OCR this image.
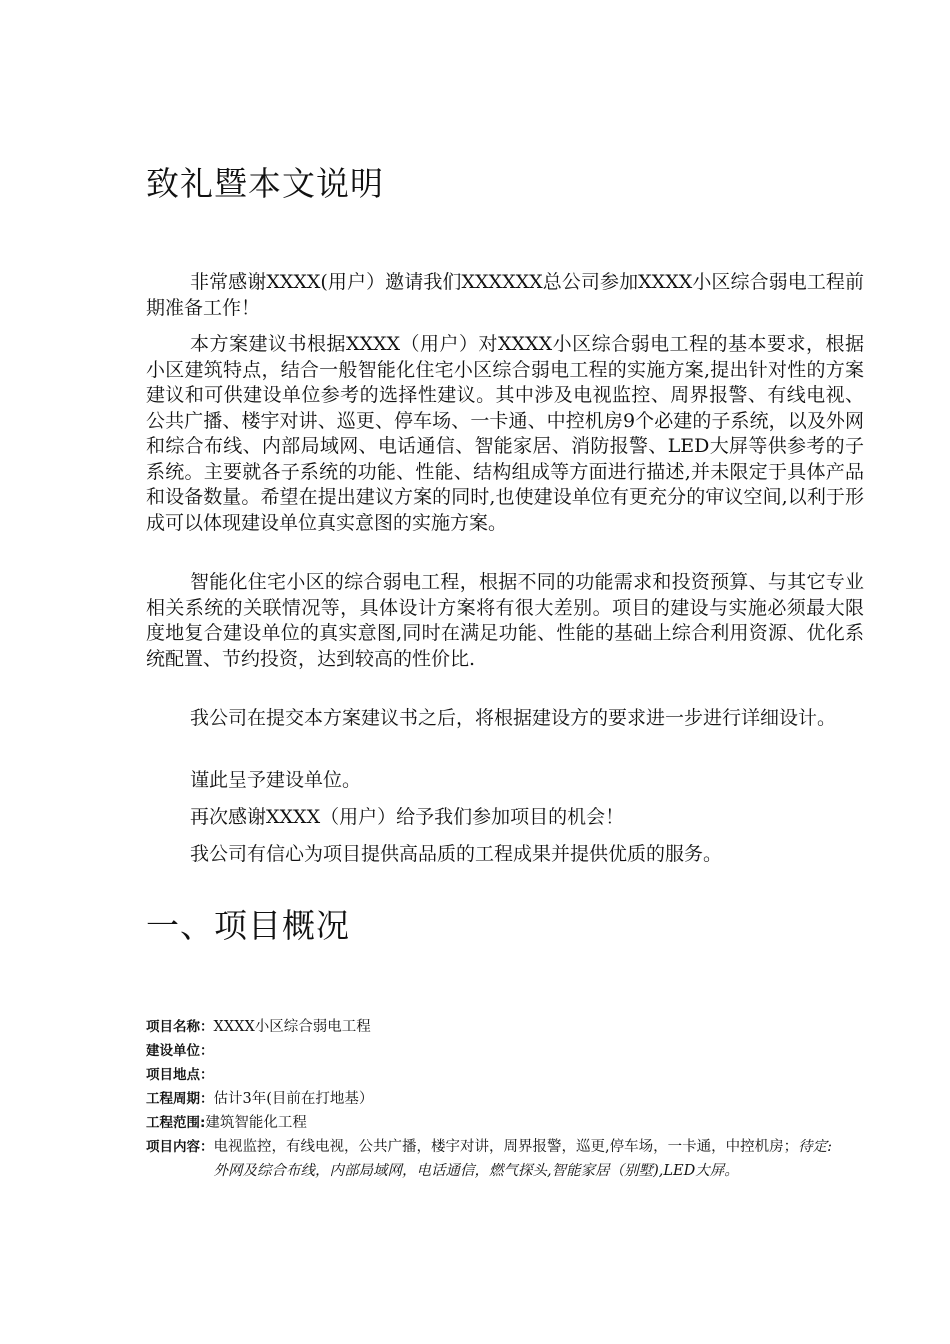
致礼暨本文说明

非常感谢XXXX(用户）邀请我们XXXXXX总公司参加XXXX小区综合弱电工程前期准备工作！

本方案建议书根据XXXX（用户）对XXXX小区综合弱电工程的基本要求，根据小区建筑特点，结合一般智能化住宅小区综合弱电工程的实施方案,提出针对性的方案建议和可供建设单位参考的选择性建议。其中涉及电视监控、周界报警、有线电视、公共广播、楼宇对讲、巡更、停车场、一卡通、中控机房9个必建的子系统，以及外网和综合布线、内部局域网、电话通信、智能家居、消防报警、LED大屏等供参考的子系统。主要就各子系统的功能、性能、结构组成等方面进行描述,并未限定于具体产品和设备数量。希望在提出建议方案的同时,也使建设单位有更充分的审议空间,以利于形成可以体现建设单位真实意图的实施方案。

智能化住宅小区的综合弱电工程，根据不同的功能需求和投资预算、与其它专业相关系统的关联情况等，具体设计方案将有很大差别。项目的建设与实施必须最大限度地复合建设单位的真实意图,同时在满足功能、性能的基础上综合利用资源、优化系统配置、节约投资，达到较高的性价比.

我公司在提交本方案建议书之后，将根据建设方的要求进一步进行详细设计。

谨此呈予建设单位。

再次感谢XXXX（用户）给予我们参加项目的机会！

我公司有信心为项目提供高品质的工程成果并提供优质的服务。

一、项目概况
项目名称： XXXX小区综合弱电工程
建设单位：
项目地点：
工程周期： 估计3年(目前在打地基）
工程范围: 建筑智能化工程
项目内容： 电视监控，有线电视，公共广播，楼宇对讲，周界报警，巡更,停车场，一卡通，中控机房；待定:外网及综合布线，内部局域网，电话通信，燃气探头,智能家居（别墅),LED大屏。
